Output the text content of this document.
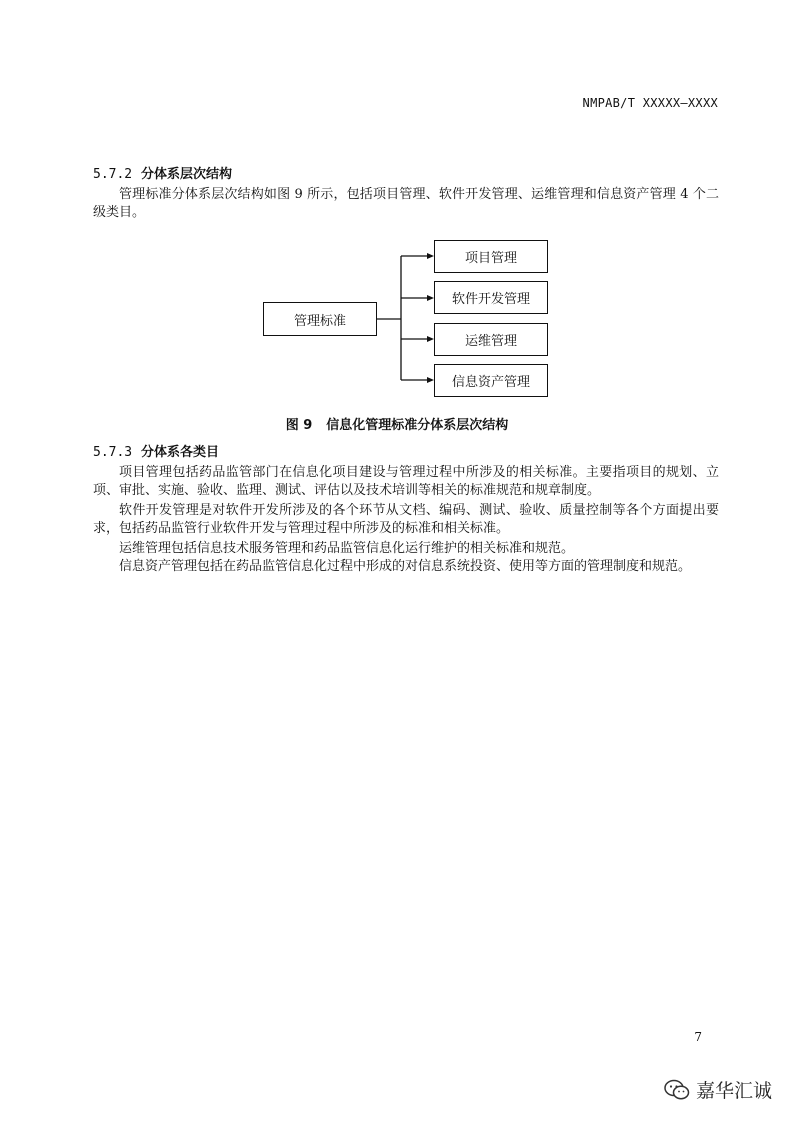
NMPAB/T XXXXX—XXXX
5.7.2 分体系层次结构

管理标准分体系层次结构如图 9 所示，包括项目管理、软件开发管理、运维管理和信息资产管理 4 个二级类目。

管理标准
项目管理
软件开发管理
运维管理
信息资产管理
图 9 信息化管理标准分体系层次结构
5.7.3 分体系各类目

项目管理包括药品监管部门在信息化项目建设与管理过程中所涉及的相关标准。主要指项目的规划、立项、审批、实施、验收、监理、测试、评估以及技术培训等相关的标准规范和规章制度。

软件开发管理是对软件开发所涉及的各个环节从文档、编码、测试、验收、质量控制等各个方面提出要求，包括药品监管行业软件开发与管理过程中所涉及的标准和相关标准。

运维管理包括信息技术服务管理和药品监管信息化运行维护的相关标准和规范。

信息资产管理包括在药品监管信息化过程中形成的对信息系统投资、使用等方面的管理制度和规范。

7
嘉华汇诚
